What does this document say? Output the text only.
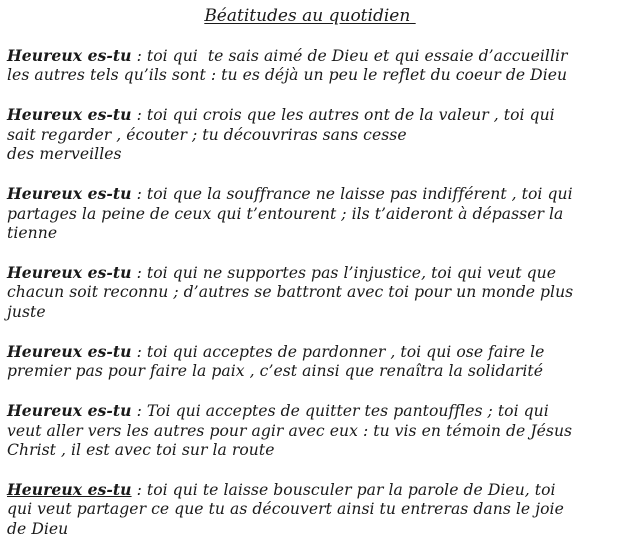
Béatitudes au quotidien
Heureux es-tu : toi qui  te sais aimé de Dieu et qui essaie d’accueillir
les autres tels qu’ils sont : tu es déjà un peu le reflet du coeur de Dieu
Heureux es-tu : toi qui crois que les autres ont de la valeur , toi qui
sait regarder , écouter ; tu découvriras sans cesse
des merveilles
Heureux es-tu : toi que la souffrance ne laisse pas indifférent , toi qui
partages la peine de ceux qui t’entourent ; ils t’aideront à dépasser la
tienne
Heureux es-tu : toi qui ne supportes pas l’injustice, toi qui veut que
chacun soit reconnu ; d’autres se battront avec toi pour un monde plus
juste
Heureux es-tu : toi qui acceptes de pardonner , toi qui ose faire le
premier pas pour faire la paix , c’est ainsi que renaîtra la solidarité
Heureux es-tu : Toi qui acceptes de quitter tes pantouffles ; toi qui
veut aller vers les autres pour agir avec eux : tu vis en témoin de Jésus
Christ , il est avec toi sur la route
Heureux es-tu : toi qui te laisse bousculer par la parole de Dieu, toi
qui veut partager ce que tu as découvert ainsi tu entreras dans le joie
de Dieu
